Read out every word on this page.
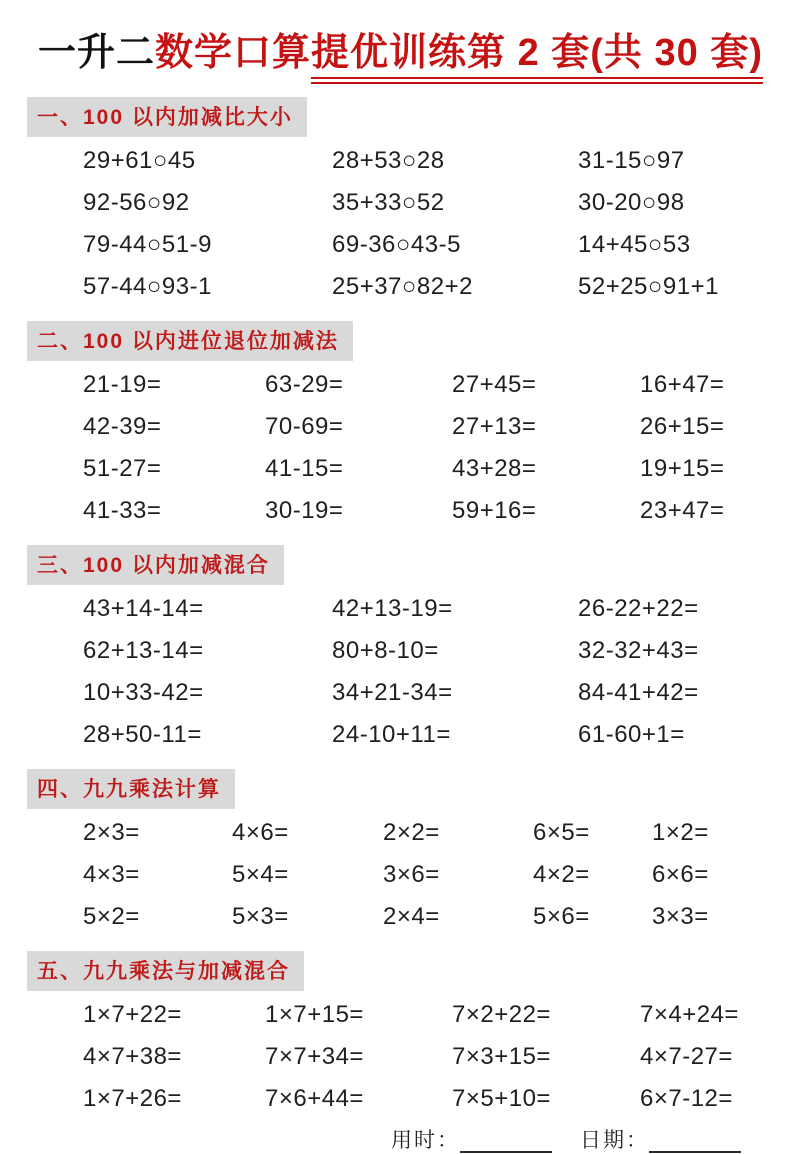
一升二数学口算提优训练第 2 套(共 30 套)
一、100 以内加减比大小
29+61○45	28+53○28	31-15○97
92-56○92	35+33○52	30-20○98
79-44○51-9	69-36○43-5	14+45○53
57-44○93-1	25+37○82+2	52+25○91+1
二、100 以内进位退位加减法
21-19=	63-29=	27+45=	16+47=
42-39=	70-69=	27+13=	26+15=
51-27=	41-15=	43+28=	19+15=
41-33=	30-19=	59+16=	23+47=
三、100 以内加减混合
43+14-14=	42+13-19=	26-22+22=
62+13-14=	80+8-10=	32-32+43=
10+33-42=	34+21-34=	84-41+42=
28+50-11=	24-10+11=	61-60+1=
四、九九乘法计算
2×3=	4×6=	2×2=	6×5=	1×2=
4×3=	5×4=	3×6=	4×2=	6×6=
5×2=	5×3=	2×4=	5×6=	3×3=
五、九九乘法与加减混合
1×7+22=	1×7+15=	7×2+22=	7×4+24=
4×7+38=	7×7+34=	7×3+15=	4×7-27=
1×7+26=	7×6+44=	7×5+10=	6×7-12=
用时：	日期：
